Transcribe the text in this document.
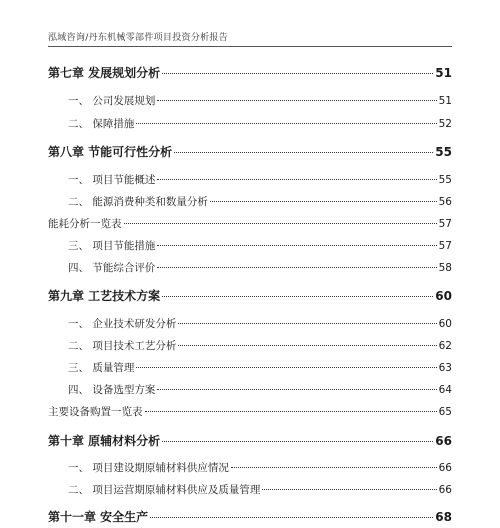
泓域咨询/丹东机械零部件项目投资分析报告
第七章 发展规划分析	51
一、 公司发展规划	51
二、 保障措施	52
第八章 节能可行性分析	55
一、 项目节能概述	55
二、 能源消费种类和数量分析	56
能耗分析一览表	57
三、 项目节能措施	57
四、 节能综合评价	58
第九章 工艺技术方案	60
一、 企业技术研发分析	60
二、 项目技术工艺分析	62
三、 质量管理	63
四、 设备选型方案	64
主要设备购置一览表	65
第十章 原辅材料分析	66
一、 项目建设期原辅材料供应情况	66
二、 项目运营期原辅材料供应及质量管理	66
第十一章 安全生产	68
